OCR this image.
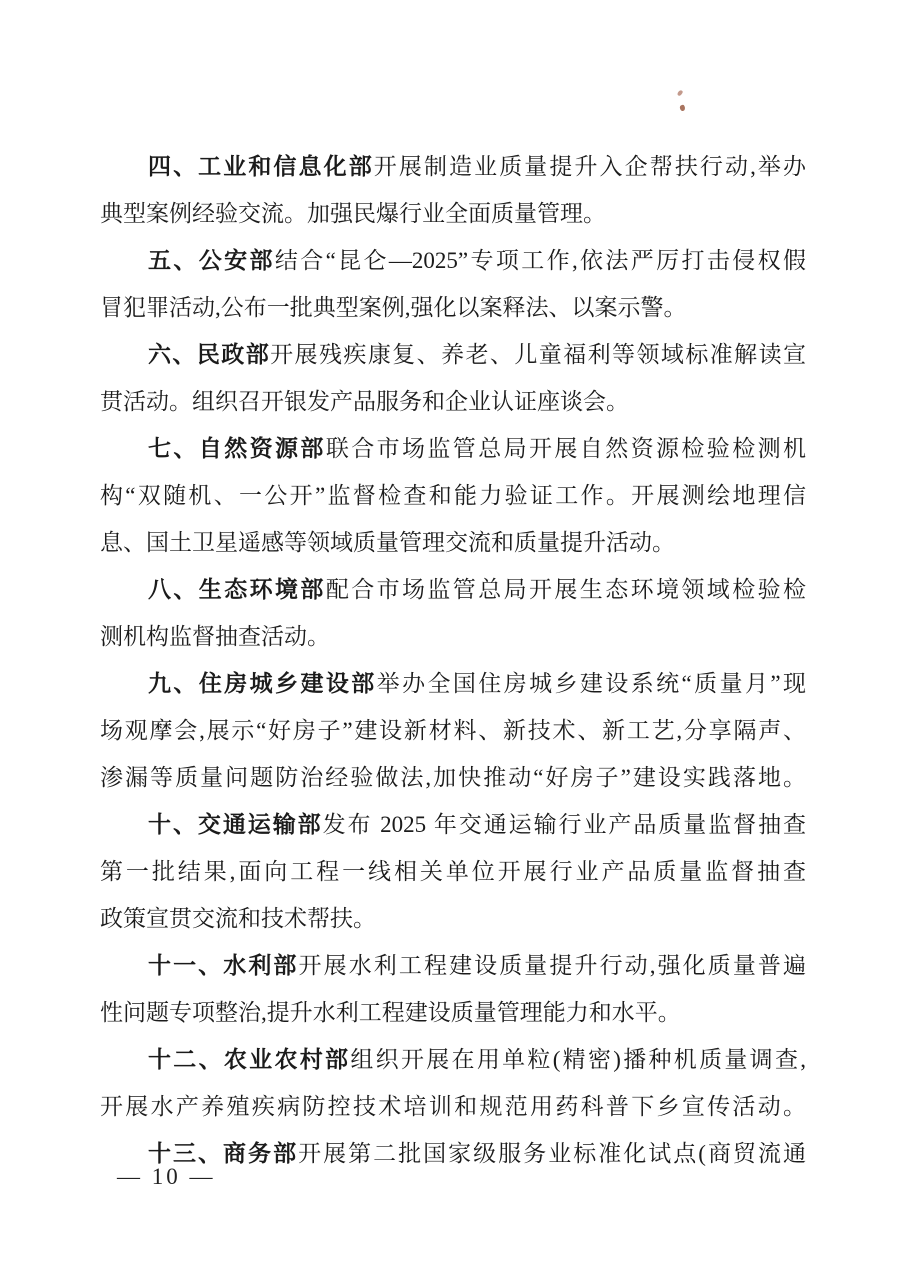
四、工业和信息化部开展制造业质量提升入企帮扶行动,举办
典型案例经验交流。加强民爆行业全面质量管理。
五、公安部结合“昆仑—2025”专项工作,依法严厉打击侵权假
冒犯罪活动,公布一批典型案例,强化以案释法、以案示警。
六、民政部开展残疾康复、养老、儿童福利等领域标准解读宣
贯活动。组织召开银发产品服务和企业认证座谈会。
七、自然资源部联合市场监管总局开展自然资源检验检测机
构“双随机、一公开”监督检查和能力验证工作。开展测绘地理信
息、国土卫星遥感等领域质量管理交流和质量提升活动。
八、生态环境部配合市场监管总局开展生态环境领域检验检
测机构监督抽查活动。
九、住房城乡建设部举办全国住房城乡建设系统“质量月”现
场观摩会,展示“好房子”建设新材料、新技术、新工艺,分享隔声、
渗漏等质量问题防治经验做法,加快推动“好房子”建设实践落地。
十、交通运输部发布 2025 年交通运输行业产品质量监督抽查
第一批结果,面向工程一线相关单位开展行业产品质量监督抽查
政策宣贯交流和技术帮扶。
十一、水利部开展水利工程建设质量提升行动,强化质量普遍
性问题专项整治,提升水利工程建设质量管理能力和水平。
十二、农业农村部组织开展在用单粒(精密)播种机质量调查,
开展水产养殖疾病防控技术培训和规范用药科普下乡宣传活动。
十三、商务部开展第二批国家级服务业标准化试点(商贸流通
— 10 —
